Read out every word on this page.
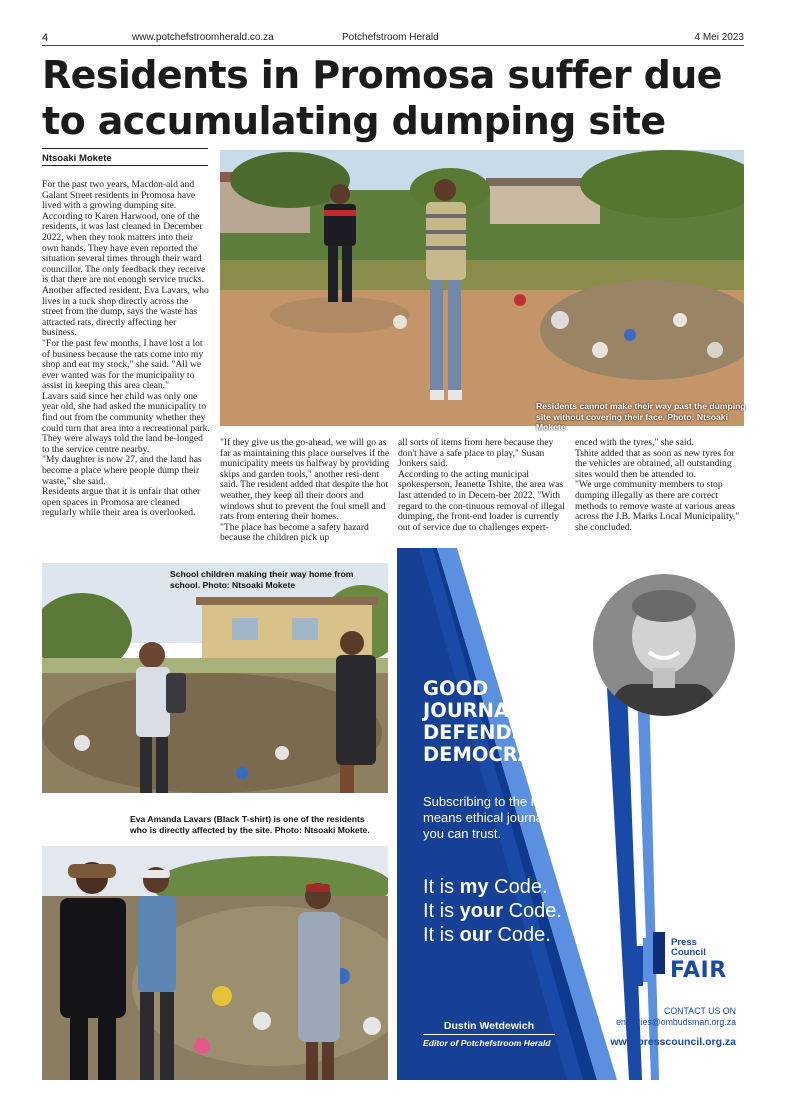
4	www.potchefstroomherald.co.za	Potchefstroom Herald	4 Mei 2023
Residents in Promosa suffer due
to accumulating dumping site
Ntsoaki Mokete

For the past two years, Macdon-ald and Galant Street residents in Promosa have lived with a growing dumping site.

According to Karen Harwood, one of the residents, it was last cleaned in December 2022, when they took matters into their own hands. They have even reported the situation several times through their ward councillor. The only feedback they receive is that there are not enough service trucks.

Another affected resident, Eva Lavars, who lives in a tuck shop directly across the street from the dump, says the waste has attracted rats, directly affecting her business.

"For the past few months, I have lost a lot of business because the rats come into my shop and eat my stock," she said. "All we ever wanted was for the municipality to assist in keeping this area clean."

Lavars said since her child was only one year old, she had asked the municipality to find out from the community whether they could turn that area into a recreational park. They were always told the land be-longed to the service centre nearby.

"My daughter is now 27, and the land has become a place where people dump their waste," she said.

Residents argue that it is unfair that other open spaces in Promosa are cleaned regularly while their area is overlooked.

"If they give us the go-ahead, we will go as far as maintaining this place ourselves if the municipality meets us halfway by providing skips and garden tools," another resi-dent said. The resident added that despite the hot weather, they keep all their doors and windows shut to prevent the foul smell and rats from entering their homes.

"The place has become a safety hazard because the children pick up

all sorts of items from here because they don't have a safe place to play," Susan Jonkers said.

According to the acting municipal spokesperson, Jeanette Tshite, the area was last attended to in Decem-ber 2022. "With regard to the con-tinuous removal of illegal dumping, the front-end loader is currently out of service due to challenges expert-

enced with the tyres," she said.

Tshite added that as soon as new tyres for the vehicles are obtained, all outstanding sites would then be attended to.

"We urge community members to stop dumping illegally as there are correct methods to remove waste at various areas across the J.B. Marks Local Municipality," she concluded.

Residents cannot make their way past the dumping site without covering their face. Photo: Ntsoaki Mokete
School children making their way home from school. Photo: Ntsoaki Mokete
Eva Amanda Lavars (Black T-shirt) is one of the residents who is directly affected by the site. Photo: Ntsoaki Mokete.
GOOD
JOURNALISM
DEFENDS
DEMOCRACY
Subscribing to the Press Code means ethical journalism that you can trust.
It is my Code.
It is your Code.
It is our Code.	Press
Council
FAIR
CONTACT US ON
enquiries@ombudsman.org.za
www.presscouncil.org.za
Dustin Wetdewich
Editor of Potchefstroom Herald
